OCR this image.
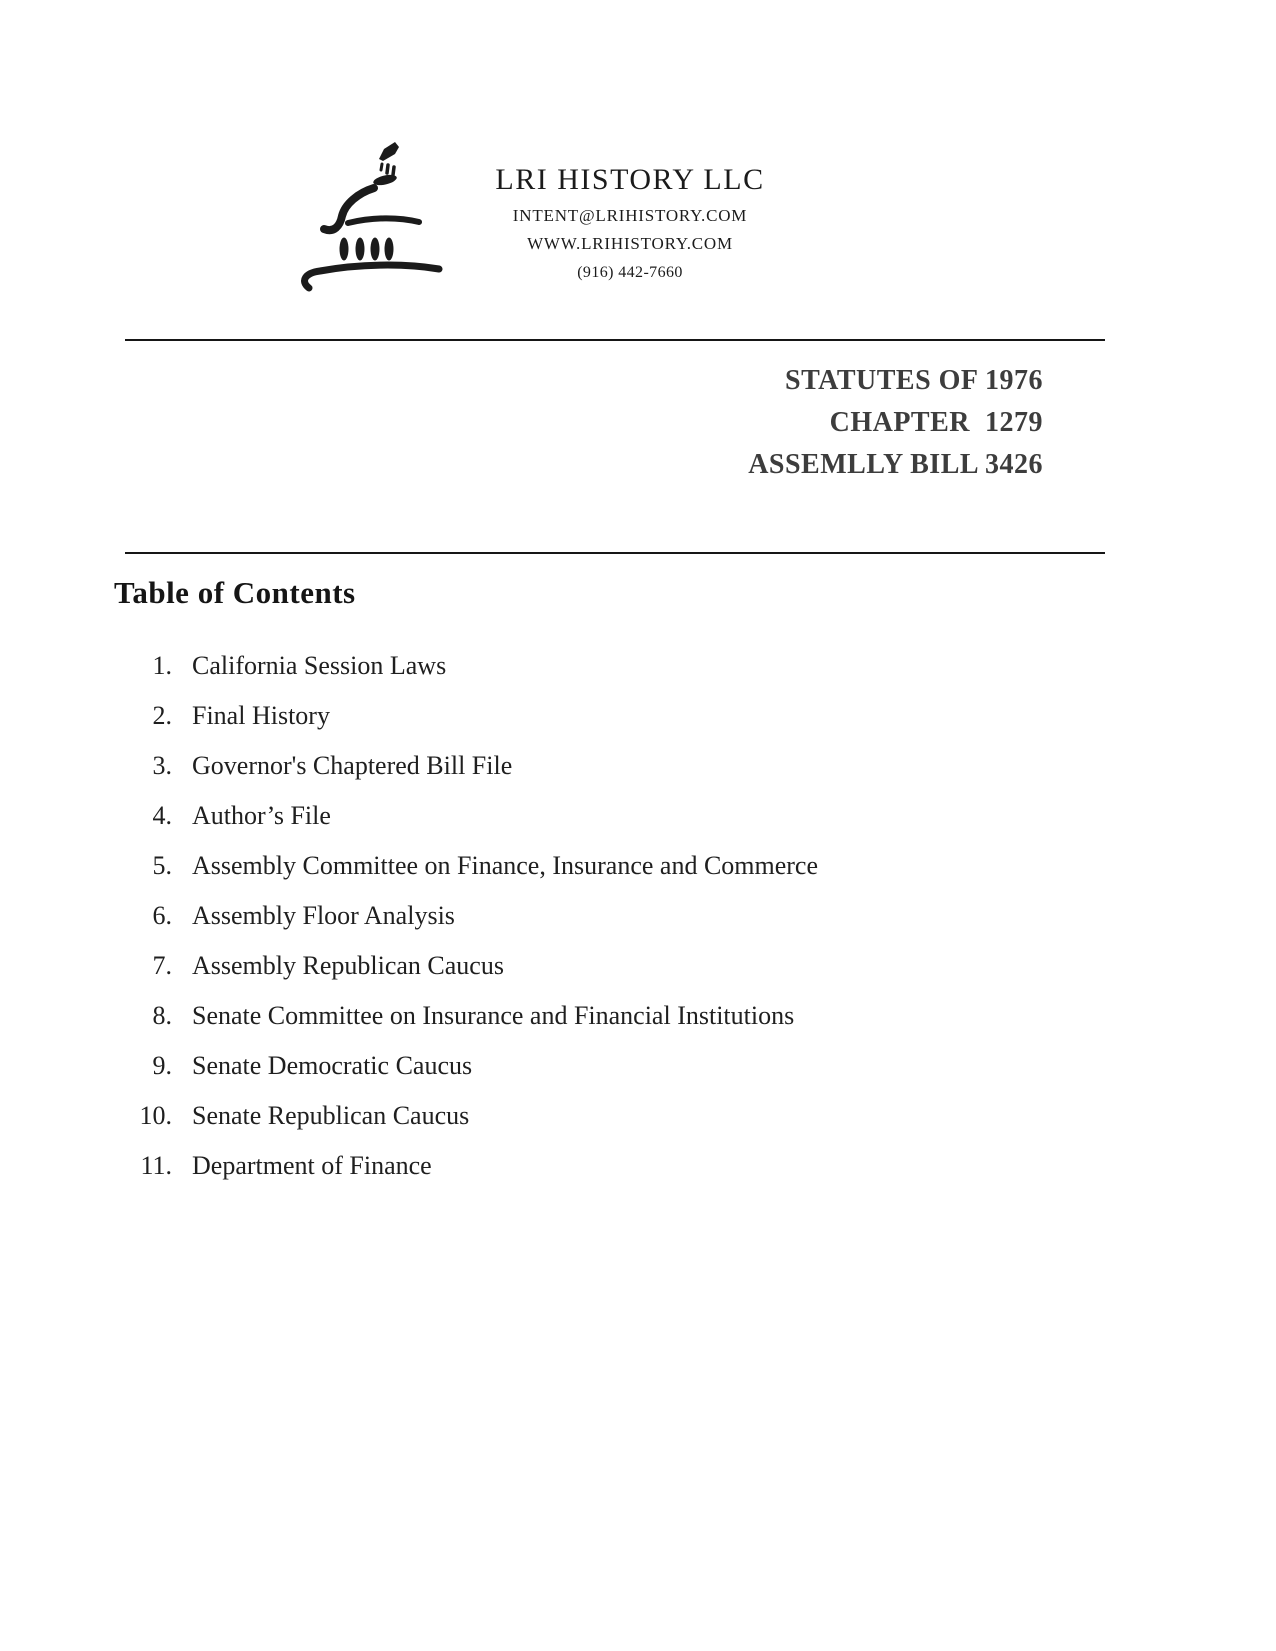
LRI HISTORY LLC
INTENT@LRIHISTORY.COM
WWW.LRIHISTORY.COM
(916) 442-7660
STATUTES OF 1976
CHAPTER  1279
ASSEMLLY BILL 3426
Table of Contents
1. California Session Laws
2. Final History
3. Governor's Chaptered Bill File
4. Author’s File
5. Assembly Committee on Finance, Insurance and Commerce
6. Assembly Floor Analysis
7. Assembly Republican Caucus
8. Senate Committee on Insurance and Financial Institutions
9. Senate Democratic Caucus
10. Senate Republican Caucus
11. Department of Finance
